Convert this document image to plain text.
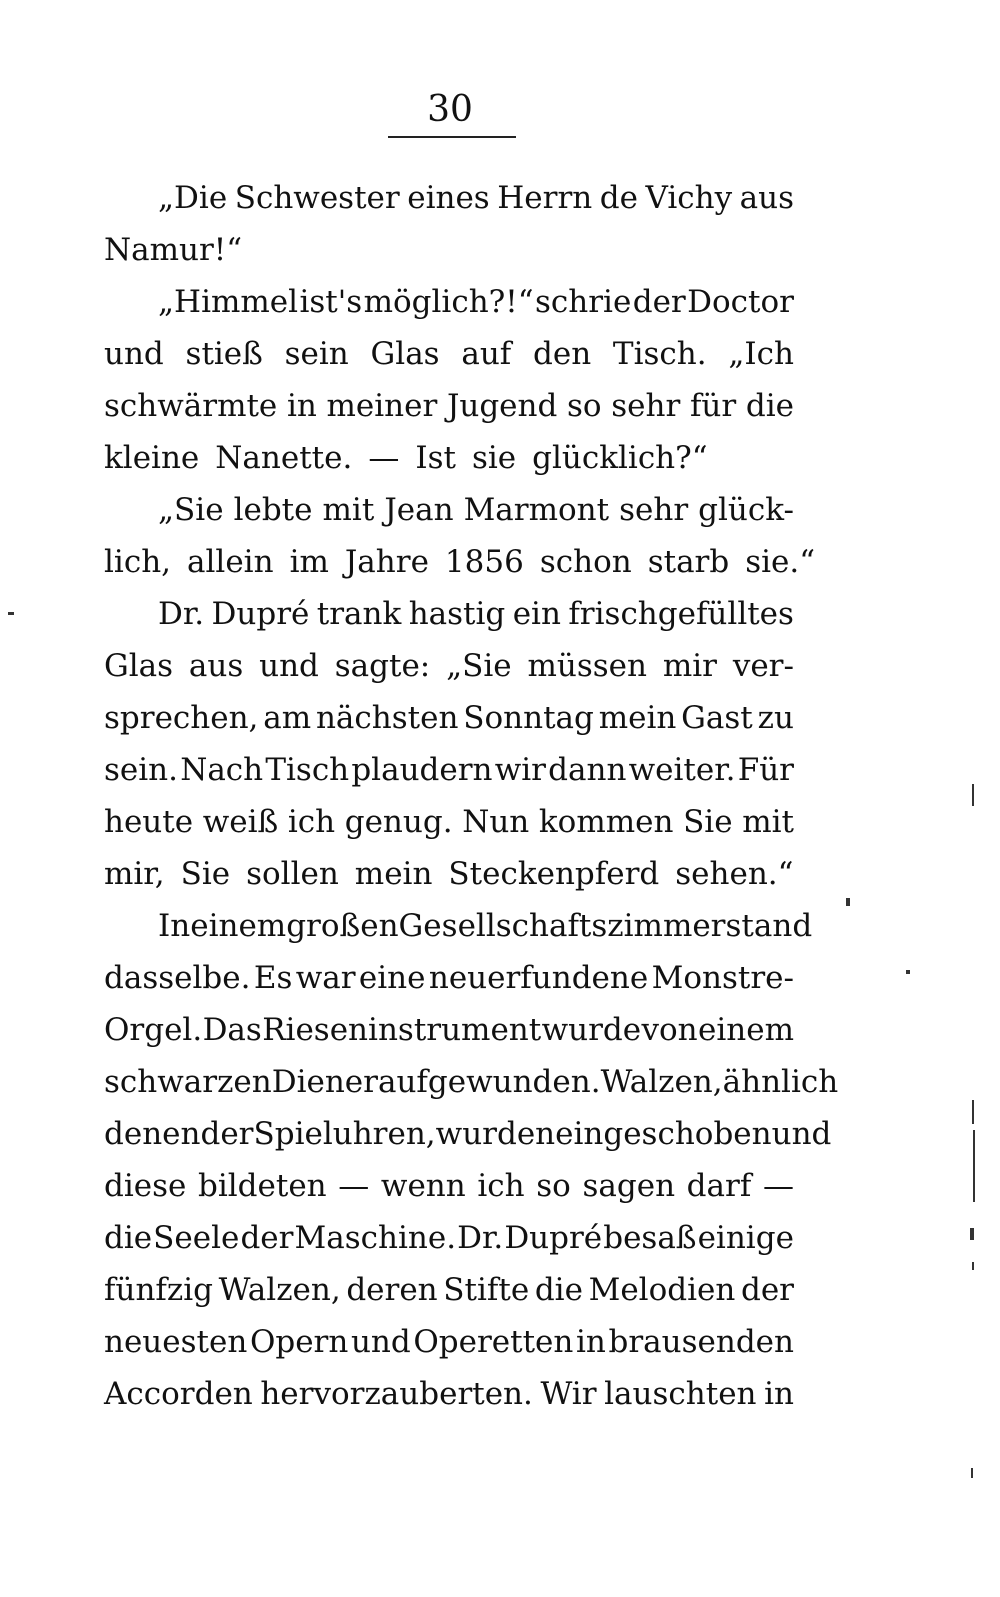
30
„Die Schwester eines Herrn de Vichy aus
Namur!“
„Himmel ist's möglich?!“ schrie der Doctor
und stieß sein Glas auf den Tisch. „Ich
schwärmte in meiner Jugend so sehr für die
kleine Nanette. — Ist sie glücklich?“
„Sie lebte mit Jean Marmont sehr glück-
lich, allein im Jahre 1856 schon starb sie.“
Dr. Dupré trank hastig ein frischgefülltes
Glas aus und sagte: „Sie müssen mir ver-
sprechen, am nächsten Sonntag mein Gast zu
sein. Nach Tisch plaudern wir dann weiter. Für
heute weiß ich genug. Nun kommen Sie mit
mir, Sie sollen mein Steckenpferd sehen.“
In einem großen Gesellschaftszimmer stand
dasselbe. Es war eine neuerfundene Monstre-
Orgel. Das Rieseninstrument wurde von einem
schwarzen Diener aufgewunden. Walzen, ähnlich
denen der Spieluhren, wurden eingeschoben und
diese bildeten — wenn ich so sagen darf —
die Seele der Maschine. Dr. Dupré besaß einige
fünfzig Walzen, deren Stifte die Melodien der
neuesten Opern und Operetten in brausenden
Accorden hervorzauberten. Wir lauschten in
